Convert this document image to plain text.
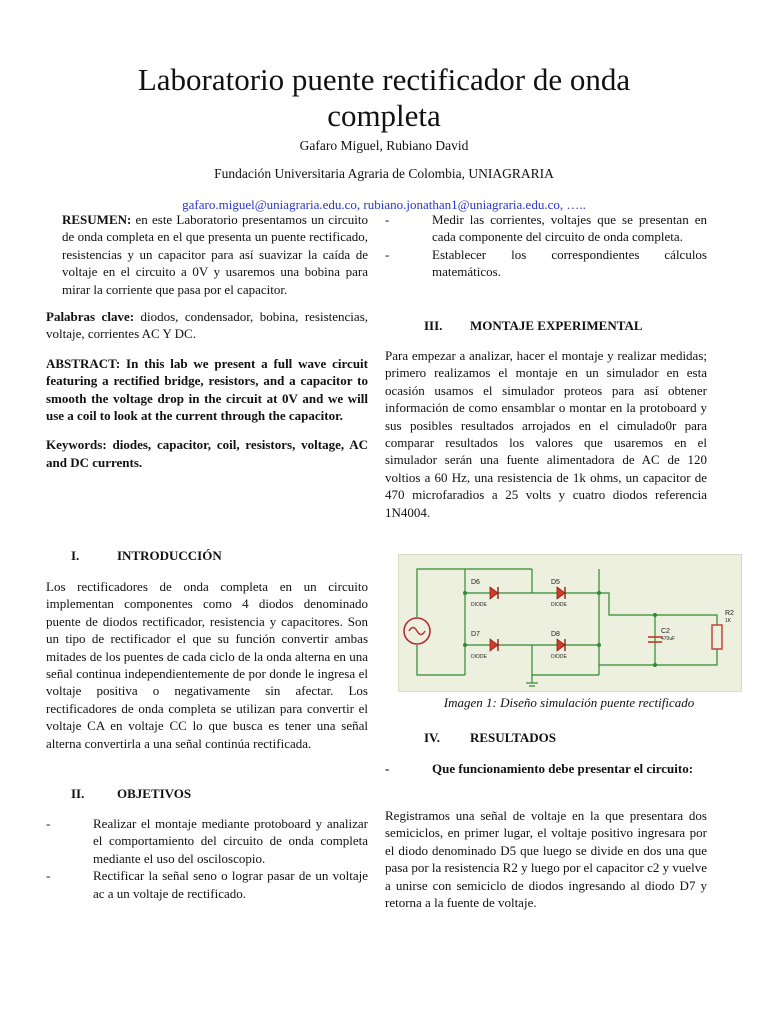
Laboratorio puente rectificador de onda
completa
Gafaro Miguel, Rubiano David
Fundación Universitaria Agraria de Colombia, UNIAGRARIA
gafaro.miguel@uniagraria.edu.co, rubiano.jonathan1@uniagraria.edu.co, …..

RESUMEN: en este Laboratorio presentamos un circuito de onda completa en el que presenta un puente rectificado, resistencias y un capacitor para así suavizar la caída de voltaje en el circuito a 0V y usaremos una bobina para mirar la corriente que pasa por el capacitor.

Palabras clave: diodos, condensador, bobina, resistencias, voltaje, corrientes AC Y DC.

ABSTRACT: In this lab we present a full wave circuit featuring a rectified bridge, resistors, and a capacitor to smooth the voltage drop in the circuit at 0V and we will use a coil to look at the current through the capacitor.

Keywords: diodes, capacitor, coil, resistors, voltage, AC and DC currents.

I.	INTRODUCCIÓN

Los rectificadores de onda completa en un circuito implementan componentes como 4 diodos denominado puente de diodos rectificador, resistencia y capacitores. Son un tipo de rectificador el que su función convertir ambas mitades de los puentes de cada ciclo de la onda alterna en una señal continua independientemente de por donde le ingresa el voltaje positiva o negativamente sin afectar. Los rectificadores de onda completa se utilizan para convertir el voltaje CA en voltaje CC lo que busca es tener una señal alterna convertirla a una señal continúa rectificada.

II.	OBJETIVOS
- Realizar el montaje mediante protoboard y analizar el comportamiento del circuito de onda completa mediante el uso del osciloscopio.
- Rectificar la señal seno o lograr pasar de un voltaje ac a un voltaje de rectificado.
- Medir las corrientes, voltajes que se presentan en cada componente del circuito de onda completa.
- Establecer los correspondientes cálculos matemáticos.
III. MONTAJE EXPERIMENTAL

Para empezar a analizar, hacer el montaje y realizar medidas; primero realizamos el montaje en un simulador en esta ocasión usamos el simulador proteos para así obtener información de como ensamblar o montar en la protoboard y sus posibles resultados arrojados en el cimulado0r para comparar resultados los valores que usaremos en el simulador serán una fuente alimentadora de AC de 120 voltios a 60 Hz, una resistencia de 1k ohms, un capacitor de 470 microfaradios a 25 volts y cuatro diodos referencia 1N4004.

D6	D5
D7	D8
DIODE	DIODE
DIODE	DIODE
C2
470uF
R2
1K
Imagen 1: Diseño simulación puente rectificado
IV. RESULTADOS
- Que funcionamiento debe presentar el circuito:

Registramos una señal de voltaje en la que presentara dos semiciclos, en primer lugar, el voltaje positivo ingresara por el diodo denominado D5 que luego se divide en dos una que pasa por la resistencia R2 y luego por el capacitor c2 y vuelve a unirse con semiciclo de diodos ingresando al diodo D7 y retorna a la fuente de voltaje.
